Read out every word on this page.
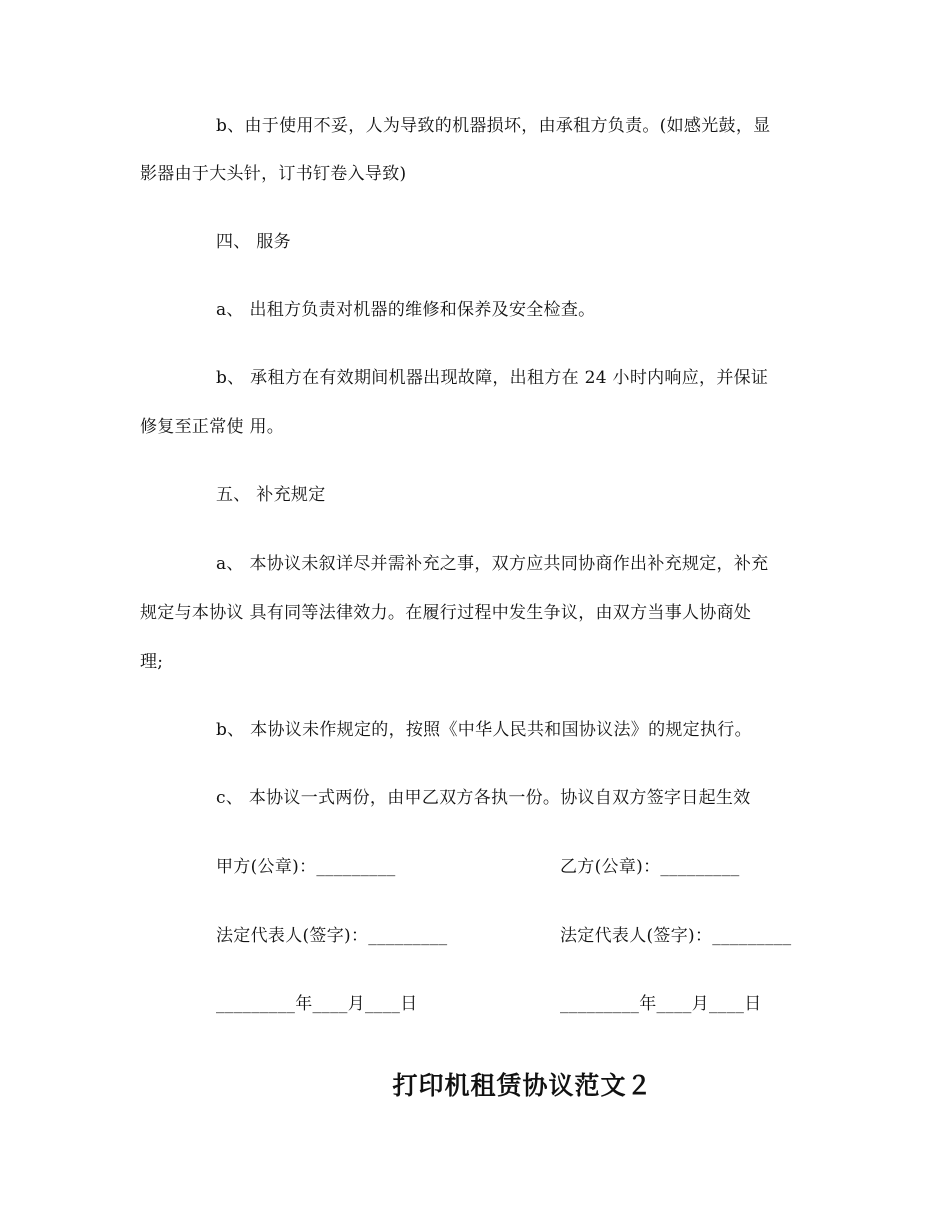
b、由于使用不妥，人为导致的机器损坏，由承租方负责。(如感光鼓，显
影器由于大头针，订书钉卷入导致)
四、 服务
a、 出租方负责对机器的维修和保养及安全检查。
b、 承租方在有效期间机器出现故障，出租方在 24 小时内响应，并保证
修复至正常使 用。
五、 补充规定
a、 本协议未叙详尽并需补充之事，双方应共同协商作出补充规定，补充
规定与本协议 具有同等法律效力。在履行过程中发生争议，由双方当事人协商处
理;
b、 本协议未作规定的，按照《中华人民共和国协议法》的规定执行。
c、 本协议一式两份，由甲乙双方各执一份。协议自双方签字日起生效
甲方(公章)：_________	乙方(公章)：_________
法定代表人(签字)：_________	法定代表人(签字)：_________
_________年____月____日	_________年____月____日
打印机租赁协议范文２
